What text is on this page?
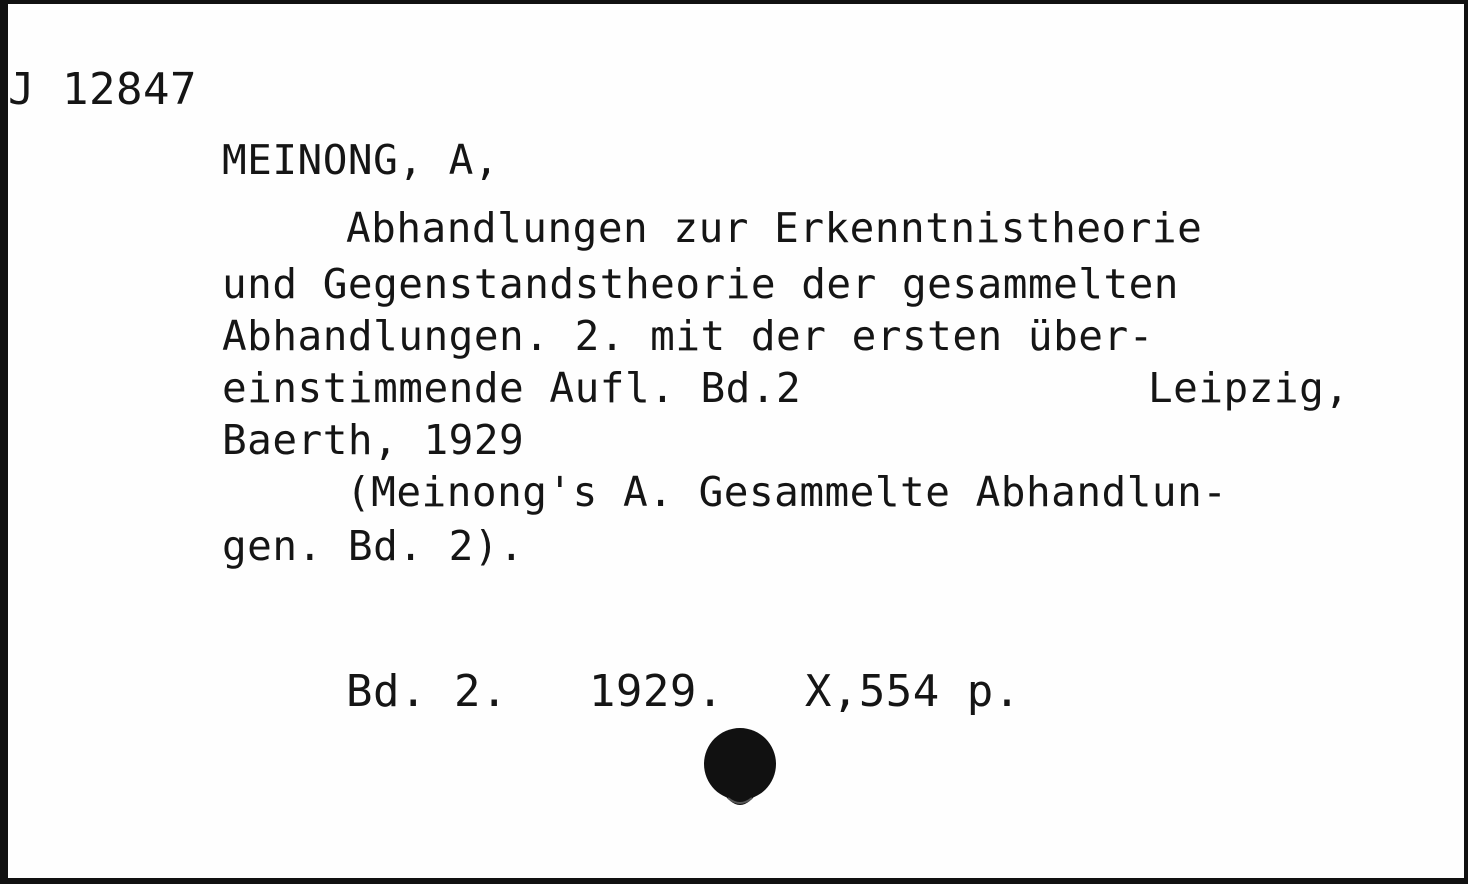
J 12847
MEINONG, A,
Abhandlungen zur Erkenntnistheorie
und Gegenstandstheorie der gesammelten
Abhandlungen. 2. mit der ersten über-
einstimmende Aufl. Bd.2	Leipzig,
Baerth, 1929
(Meinong's A. Gesammelte Abhandlun-
gen. Bd. 2).
Bd. 2.   1929.   X,554 p.
